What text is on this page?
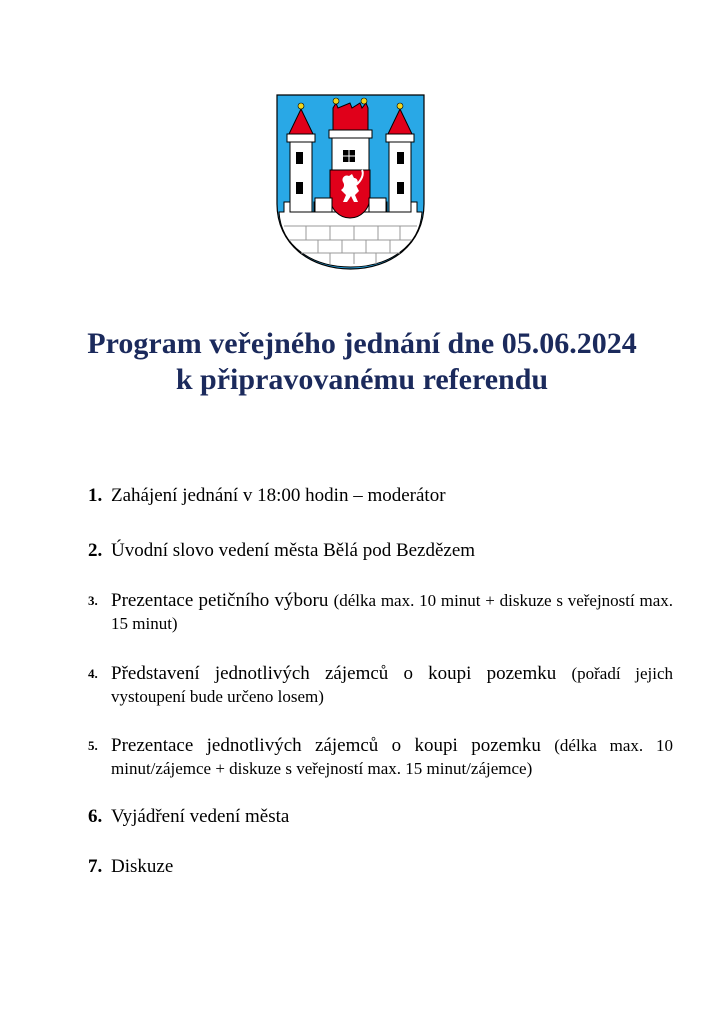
Program veřejného jednání dne 05.06.2024
k připravovanému referendu
1. Zahájení jednání v 18:00 hodin – moderátor
2. Úvodní slovo vedení města Bělá pod Bezdězem
3. Prezentace petičního výboru (délka max. 10 minut + diskuze s veřejností max. 15 minut)
4. Představení jednotlivých zájemců o koupi pozemku (pořadí jejich vystoupení bude určeno losem)
5. Prezentace jednotlivých zájemců o koupi pozemku (délka max. 10 minut/zájemce + diskuze s veřejností max. 15 minut/zájemce)
6. Vyjádření vedení města
7. Diskuze
